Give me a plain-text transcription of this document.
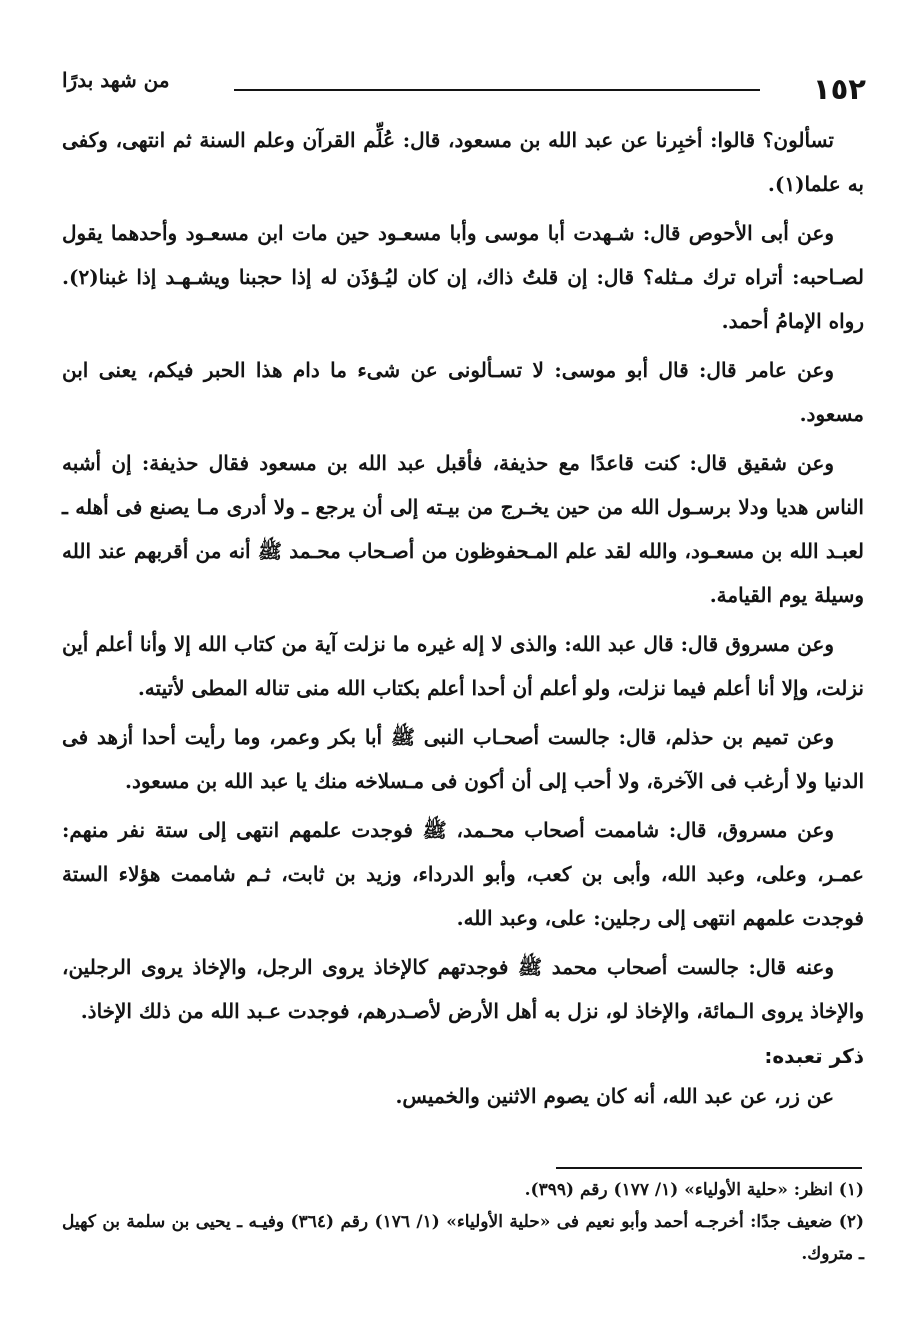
١٥٢
من شهد بدرًا

تسألون؟ قالوا: أخبِرنا عن عبد الله بن مسعود، قال: عُلِّم القرآن وعلم السنة ثم انتهى، وكفى به علما(١).

وعن أبى الأحوص قال: شـهدت أبا موسى وأبا مسعـود حين مات ابن مسعـود وأحدهما يقول لصـاحبه: أتراه ترك مـثله؟ قال: إن قلتُ ذاك، إن كان ليُـؤذَن له إذا حجبنا ويشـهـد إذا غبنا(٢). رواه الإمامُ أحمد.

وعن عامر قال: قال أبو موسى: لا تسـألونى عن شىء ما دام هذا الحبر فيكم، يعنى ابن مسعود.

وعن شقيق قال: كنت قاعدًا مع حذيفة، فأقبل عبد الله بن مسعود فقال حذيفة: إن أشبه الناس هديا ودلا برسـول الله من حين يخـرج من بيـته إلى أن يرجع ـ ولا أدرى مـا يصنع فى أهله ـ لعبـد الله بن مسعـود، والله لقد علم المـحفوظون من أصـحاب محـمد ﷺ أنه من أقربهم عند الله وسيلة يوم القيامة.

وعن مسروق قال: قال عبد الله: والذى لا إله غيره ما نزلت آية من كتاب الله إلا وأنا أعلم أين نزلت، وإلا أنا أعلم فيما نزلت، ولو أعلم أن أحدا أعلم بكتاب الله منى تناله المطى لأتيته.

وعن تميم بن حذلم، قال: جالست أصحـاب النبى ﷺ أبا بكر وعمر، وما رأيت أحدا أزهد فى الدنيا ولا أرغب فى الآخرة، ولا أحب إلى أن أكون فى مـسلاخه منك يا عبد الله بن مسعود.

وعن مسروق، قال: شاممت أصحاب محـمد، ﷺ فوجدت علمهم انتهى إلى ستة نفر منهم: عمـر، وعلى، وعبد الله، وأبى بن كعب، وأبو الدرداء، وزيد بن ثابت، ثـم شاممت هؤلاء الستة فوجدت علمهم انتهى إلى رجلين: على، وعبد الله.

وعنه قال: جالست أصحاب محمد ﷺ فوجدتهم كالإخاذ يروى الرجل، والإخاذ يروى الرجلين، والإخاذ يروى الـمائة، والإخاذ لو، نزل به أهل الأرض لأصـدرهم، فوجدت عـبد الله من ذلك الإخاذ.

ذكر تعبده:

عن زر، عن عبد الله، أنه كان يصوم الاثنين والخميس.

(١) انظر: «حلية الأولياء» (١/ ١٧٧) رقم (٣٩٩).

(٢) ضعيف جدًا: أخرجـه أحمد وأبو نعيم فى «حلية الأولياء» (١/ ١٧٦) رقم (٣٦٤) وفيـه ـ يحيى بن سلمة بن كهيل ـ متروك.
